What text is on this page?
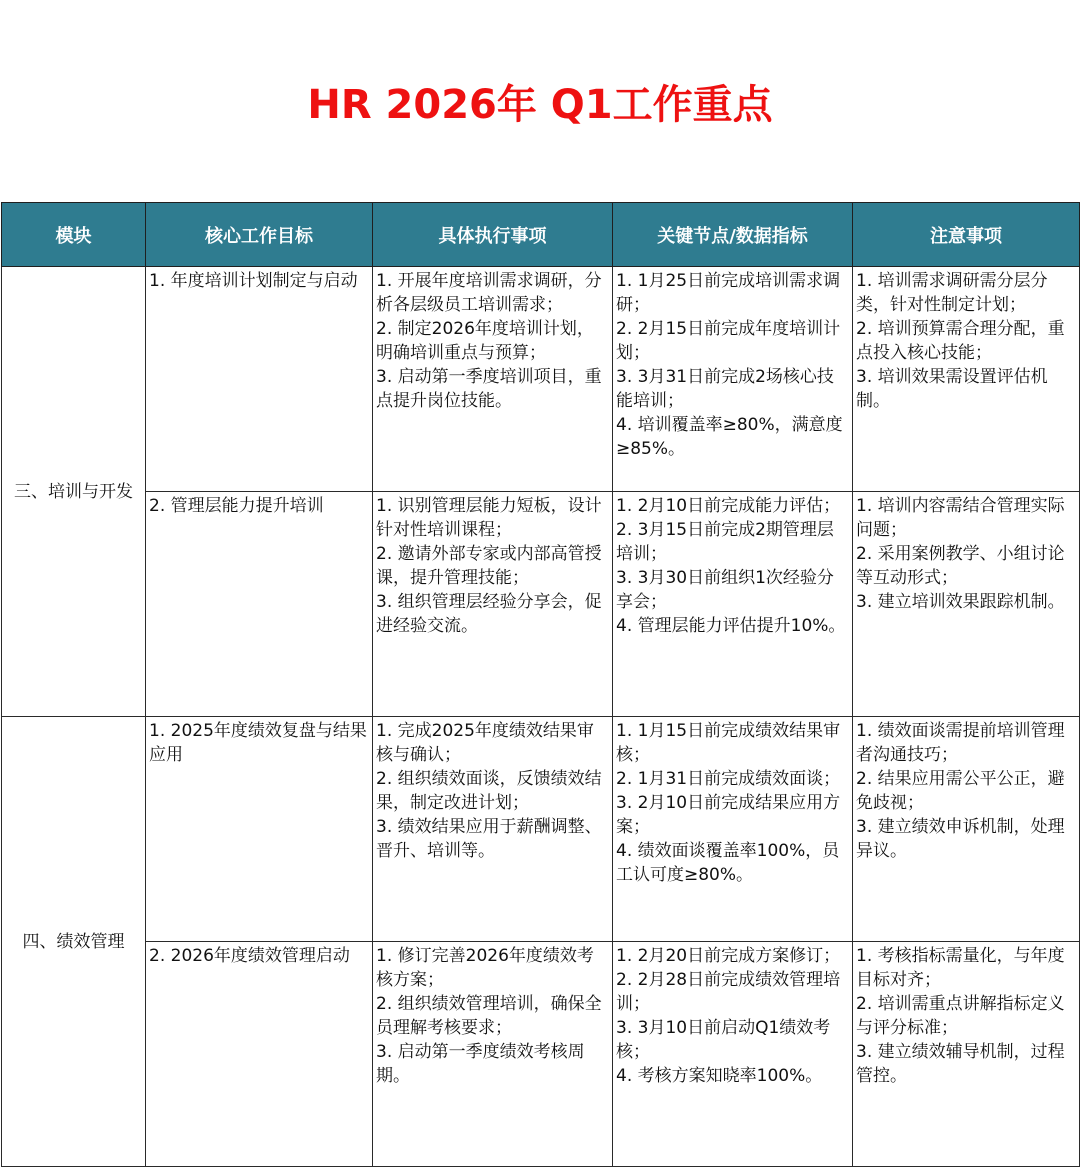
HR 2026年 Q1工作重点
模块	核心工作目标	具体执行事项	关键节点/数据指标	注意事项
三、培训与开发	1. 年度培训计划制定与启动	1. 开展年度培训需求调研，分析各层级员工培训需求；
2. 制定2026年度培训计划，明确培训重点与预算；
3. 启动第一季度培训项目，重点提升岗位技能。	1. 1月25日前完成培训需求调研；
2. 2月15日前完成年度培训计划；
3. 3月31日前完成2场核心技能培训；
4. 培训覆盖率≥80%，满意度≥85%。	1. 培训需求调研需分层分类，针对性制定计划；
2. 培训预算需合理分配，重点投入核心技能；
3. 培训效果需设置评估机制。

	2. 管理层能力提升培训	1. 识别管理层能力短板，设计针对性培训课程；
2. 邀请外部专家或内部高管授课，提升管理技能；
3. 组织管理层经验分享会，促进经验交流。	1. 2月10日前完成能力评估；
2. 3月15日前完成2期管理层培训；
3. 3月30日前组织1次经验分享会；
4. 管理层能力评估提升10%。	1. 培训内容需结合管理实际问题；
2. 采用案例教学、小组讨论等互动形式；
3. 建立培训效果跟踪机制。

四、绩效管理	1. 2025年度绩效复盘与结果应用	1. 完成2025年度绩效结果审核与确认；
2. 组织绩效面谈，反馈绩效结果，制定改进计划；
3. 绩效结果应用于薪酬调整、晋升、培训等。	1. 1月15日前完成绩效结果审核；
2. 1月31日前完成绩效面谈；
3. 2月10日前完成结果应用方案；
4. 绩效面谈覆盖率100%，员工认可度≥80%。	1. 绩效面谈需提前培训管理者沟通技巧；
2. 结果应用需公平公正，避免歧视；
3. 建立绩效申诉机制，处理异议。

	2. 2026年度绩效管理启动	1. 修订完善2026年度绩效考核方案；
2. 组织绩效管理培训，确保全员理解考核要求；
3. 启动第一季度绩效考核周期。	1. 2月20日前完成方案修订；
2. 2月28日前完成绩效管理培训；
3. 3月10日前启动Q1绩效考核；
4. 考核方案知晓率100%。	1. 考核指标需量化，与年度目标对齐；
2. 培训需重点讲解指标定义与评分标准；
3. 建立绩效辅导机制，过程管控。
